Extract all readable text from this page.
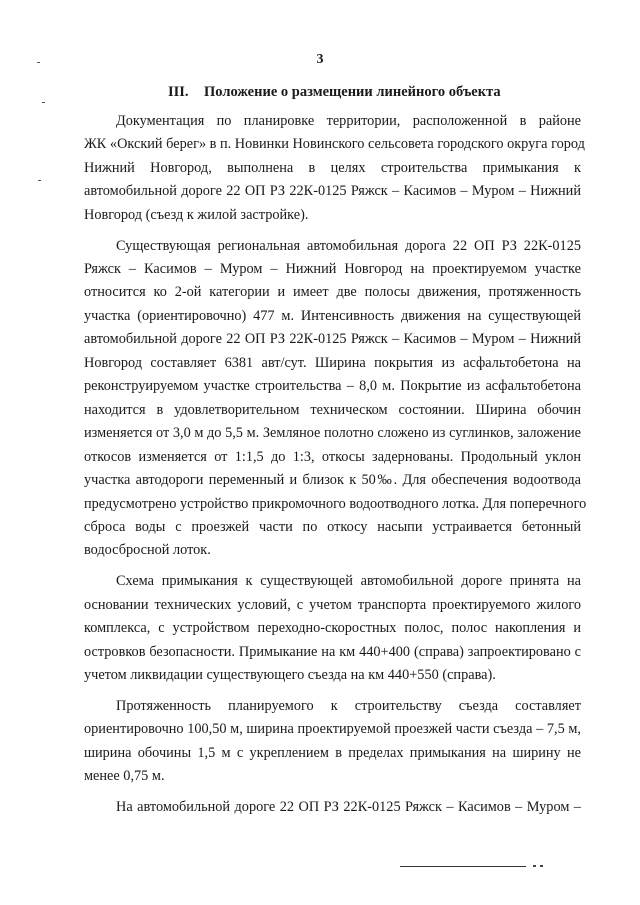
3
III. Положение о размещении линейного объекта

Документация по планировке территории, расположенной в районе
ЖК «Окский берег» в п. Новинки Новинского сельсовета городского округа город
Нижний Новгород, выполнена в целях строительства примыкания к
автомобильной дороге 22 ОП РЗ 22К-0125 Ряжск – Касимов – Муром – Нижний
Новгород (съезд к жилой застройке).

Существующая региональная автомобильная дорога 22 ОП РЗ 22К-0125
Ряжск – Касимов – Муром – Нижний Новгород на проектируемом участке
относится ко 2-ой категории и имеет две полосы движения, протяженность
участка (ориентировочно) 477 м. Интенсивность движения на существующей
автомобильной дороге 22 ОП РЗ 22К-0125 Ряжск – Касимов – Муром – Нижний
Новгород составляет 6381 авт/сут. Ширина покрытия из асфальтобетона на
реконструируемом участке строительства – 8,0 м. Покрытие из асфальтобетона
находится в удовлетворительном техническом состоянии. Ширина обочин
изменяется от 3,0 м до 5,5 м. Земляное полотно сложено из суглинков, заложение
откосов изменяется от 1:1,5 до 1:3, откосы задернованы. Продольный уклон
участка автодороги переменный и близок к 50‰. Для обеспечения водоотвода
предусмотрено устройство прикромочного водоотводного лотка. Для поперечного
сброса воды с проезжей части по откосу насыпи устраивается бетонный
водосбросной лоток.

Схема примыкания к существующей автомобильной дороге принята на
основании технических условий, с учетом транспорта проектируемого жилого
комплекса, с устройством переходно-скоростных полос, полос накопления и
островков безопасности. Примыкание на км 440+400 (справа) запроектировано с
учетом ликвидации существующего съезда на км 440+550 (справа).

Протяженность планируемого к строительству съезда составляет
ориентировочно 100,50 м, ширина проектируемой проезжей части съезда – 7,5 м,
ширина обочины 1,5 м с укреплением в пределах примыкания на ширину не
менее 0,75 м.

На автомобильной дороге 22 ОП РЗ 22К-0125 Ряжск – Касимов – Муром –
